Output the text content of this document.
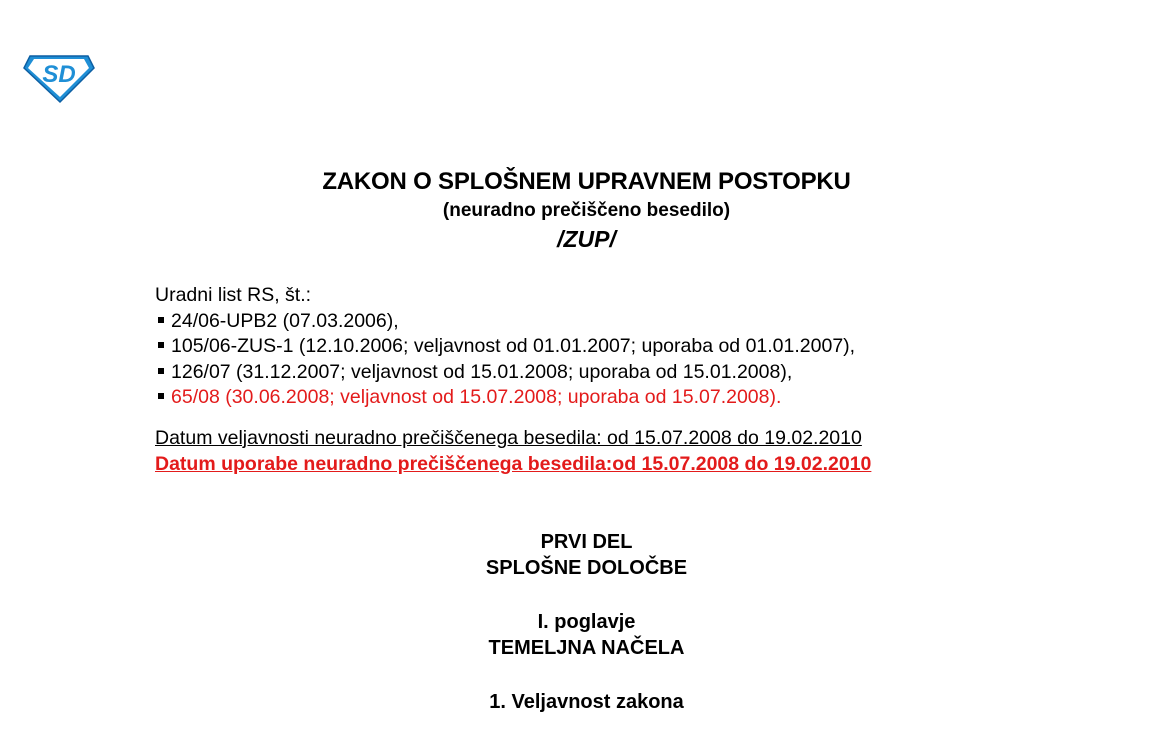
SD
ZAKON O SPLOŠNEM UPRAVNEM POSTOPKU
(neuradno prečiščeno besedilo)
/ZUP/
Uradni list RS, št.:
24/06-UPB2 (07.03.2006),
105/06-ZUS-1 (12.10.2006; veljavnost od 01.01.2007; uporaba od 01.01.2007),
126/07 (31.12.2007; veljavnost od 15.01.2008; uporaba od 15.01.2008),
65/08 (30.06.2008; veljavnost od 15.07.2008; uporaba od 15.07.2008).
Datum veljavnosti neuradno prečiščenega besedila: od 15.07.2008 do 19.02.2010
Datum uporabe neuradno prečiščenega besedila:od 15.07.2008 do 19.02.2010
PRVI DEL
SPLOŠNE DOLOČBE
I. poglavje
TEMELJNA NAČELA
1. Veljavnost zakona
